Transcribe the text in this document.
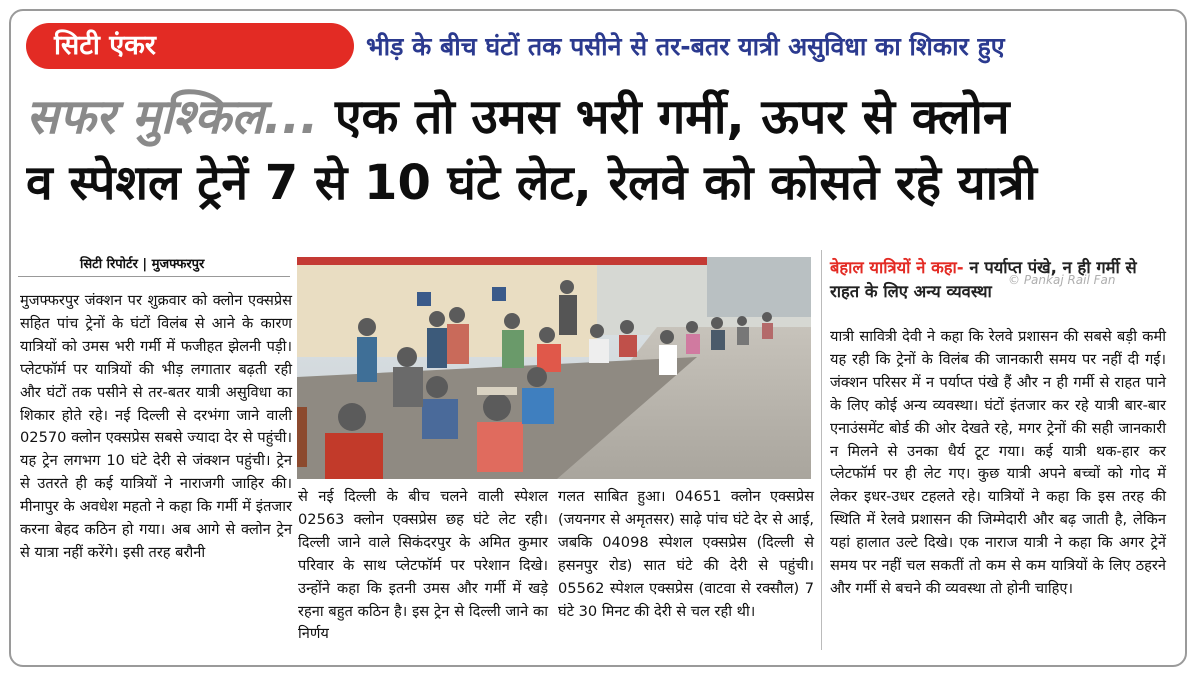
सिटी एंकर	भीड़ के बीच घंटों तक पसीने से तर-बतर यात्री असुविधा का शिकार हुए
सफर मुश्किल... एक तो उमस भरी गर्मी, ऊपर से क्लोन
व स्पेशल ट्रेनें 7 से 10 घंटे लेट, रेलवे को कोसते रहे यात्री
सिटी रिपोर्टर | मुजफ्फरपुर
मुजफ्फरपुर जंक्शन पर शुक्रवार को क्लोन एक्सप्रेस सहित पांच ट्रेनों के घंटों विलंब से आने के कारण यात्रियों को उमस भरी गर्मी में फजीहत झेलनी पड़ी। प्लेटफॉर्म पर यात्रियों की भीड़ लगातार बढ़ती रही और घंटों तक पसीने से तर-बतर यात्री असुविधा का शिकार होते रहे। नई दिल्ली से दरभंगा जाने वाली 02570 क्लोन एक्सप्रेस सबसे ज्यादा देर से पहुंची। यह ट्रेन लगभग 10 घंटे देरी से जंक्शन पहुंची। ट्रेन से उतरते ही कई यात्रियों ने नाराजगी जाहिर की। मीनापुर के अवधेश महतो ने कहा कि गर्मी में इंतजार करना बेहद कठिन हो गया। अब आगे से क्लोन ट्रेन से यात्रा नहीं करेंगे। इसी तरह बरौनी
से नई दिल्ली के बीच चलने वाली स्पेशल 02563 क्लोन एक्सप्रेस छह घंटे लेट रही। दिल्ली जाने वाले सिकंदरपुर के अमित कुमार परिवार के साथ प्लेटफॉर्म पर परेशान दिखे। उन्होंने कहा कि इतनी उमस और गर्मी में खड़े रहना बहुत कठिन है। इस ट्रेन से दिल्ली जाने का निर्णय
गलत साबित हुआ। 04651 क्लोन एक्सप्रेस (जयनगर से अमृतसर) साढ़े पांच घंटे देर से आई, जबकि 04098 स्पेशल एक्सप्रेस (दिल्ली से हसनपुर रोड) सात घंटे की देरी से पहुंची। 05562 स्पेशल एक्सप्रेस (वाटवा से रक्सौल) 7 घंटे 30 मिनट की देरी से चल रही थी।
बेहाल यात्रियों ने कहा- न पर्याप्त पंखे, न ही गर्मी से राहत के लिए अन्य व्यवस्था
© Pankaj Rail Fan
यात्री सावित्री देवी ने कहा कि रेलवे प्रशासन की सबसे बड़ी कमी यह रही कि ट्रेनों के विलंब की जानकारी समय पर नहीं दी गई। जंक्शन परिसर में न पर्याप्त पंखे हैं और न ही गर्मी से राहत पाने के लिए कोई अन्य व्यवस्था। घंटों इंतजार कर रहे यात्री बार-बार एनाउंसमेंट बोर्ड की ओर देखते रहे, मगर ट्रेनों की सही जानकारी न मिलने से उनका धैर्य टूट गया। कई यात्री थक-हार कर प्लेटफॉर्म पर ही लेट गए। कुछ यात्री अपने बच्चों को गोद में लेकर इधर-उधर टहलते रहे। यात्रियों ने कहा कि इस तरह की स्थिति में रेलवे प्रशासन की जिम्मेदारी और बढ़ जाती है, लेकिन यहां हालात उल्टे दिखे। एक नाराज यात्री ने कहा कि अगर ट्रेनें समय पर नहीं चल सकतीं तो कम से कम यात्रियों के लिए ठहरने और गर्मी से बचने की व्यवस्था तो होनी चाहिए।
